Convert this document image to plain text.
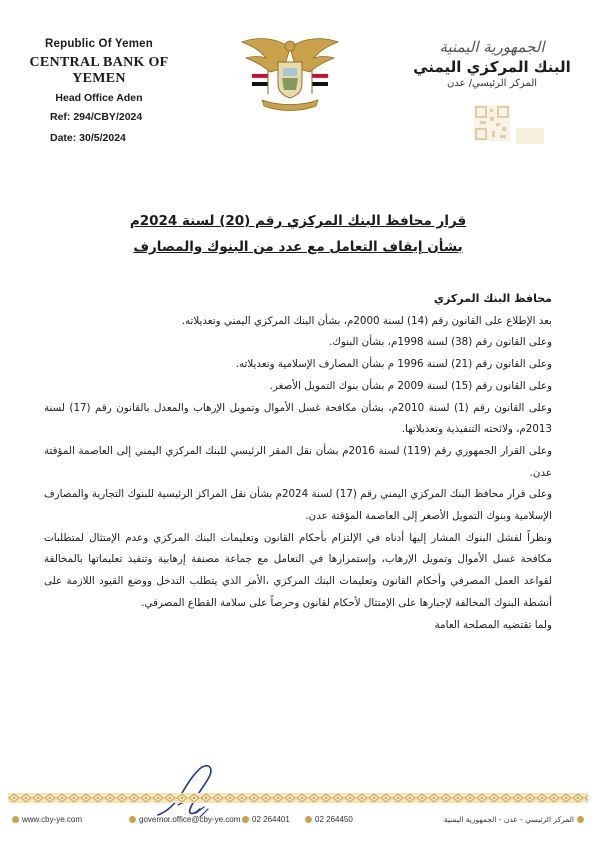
Republic Of Yemen
CENTRAL BANK OF YEMEN
Head Office Aden
Ref: 294/CBY/2024
Date: 30/5/2024
الجمهورية اليمنية
البنك المركزي اليمني
المركز الرئيسي/ عدن
قرار محافظ البنك المركزي رقم (20) لسنة 2024م
بشأن إيقاف التعامل مع عدد من البنوك والمصارف

محافظ البنك المركزي

بعد الإطلاع على القانون رقم (14) لسنة 2000م، بشأن البنك المركزي اليمني وتعديلاته.

وعلى القانون رقم (38) لسنة 1998م، بشأن البنوك.

وعلى القانون رقم (21) لسنة 1996 م بشأن المصارف الإسلامية وتعديلاته.

وعلى القانون رقم (15) لسنة 2009 م بشأن بنوك التمويل الأصغر.

وعلى القانون رقم (1) لسنة 2010م، بشأن مكافحة غسل الأموال وتمويل الإرهاب والمعدل بالقانون رقم (17) لسنة 2013م، ولائحته التنفيذية وتعديلاتها.

وعلى القرار الجمهوري رقم (119) لسنة 2016م بشأن نقل المقر الرئيسي للبنك المركزي اليمني إلى العاصمة المؤقتة عدن.

وعلى قرار محافظ البنك المركزي اليمني رقم (17) لسنة 2024م بشأن نقل المراكز الرئيسية للبنوك التجارية والمصارف الإسلامية وبنوك التمويل الأصغر إلى العاصمة المؤقتة عدن.

ونظراً لفشل البنوك المشار إليها أدناه في الإلتزام بأحكام القانون وتعليمات البنك المركزي وعدم الإمتثال لمتطلبات مكافحة غسل الأموال وتمويل الإرهاب، وإستمرارها في التعامل مع جماعة مصنفة إرهابية وتنفيذ تعليماتها بالمخالفة لقواعد العمل المصرفي وأحكام القانون وتعليمات البنك المركزي ،الأمر الذي يتطلب التدخل ووضع القيود اللازمة على أنشطة البنوك المخالفة لإجبارها على الإمتثال لأحكام لقانون وحرصاً على سلامة القطاع المصرفي.

ولما تقتضيه المصلحة العامة

www.cby-ye.com	governor.office@cby-ye.com	02 264401	02 264450	المركز الرئيسي - عدن - الجمهورية اليمنية
